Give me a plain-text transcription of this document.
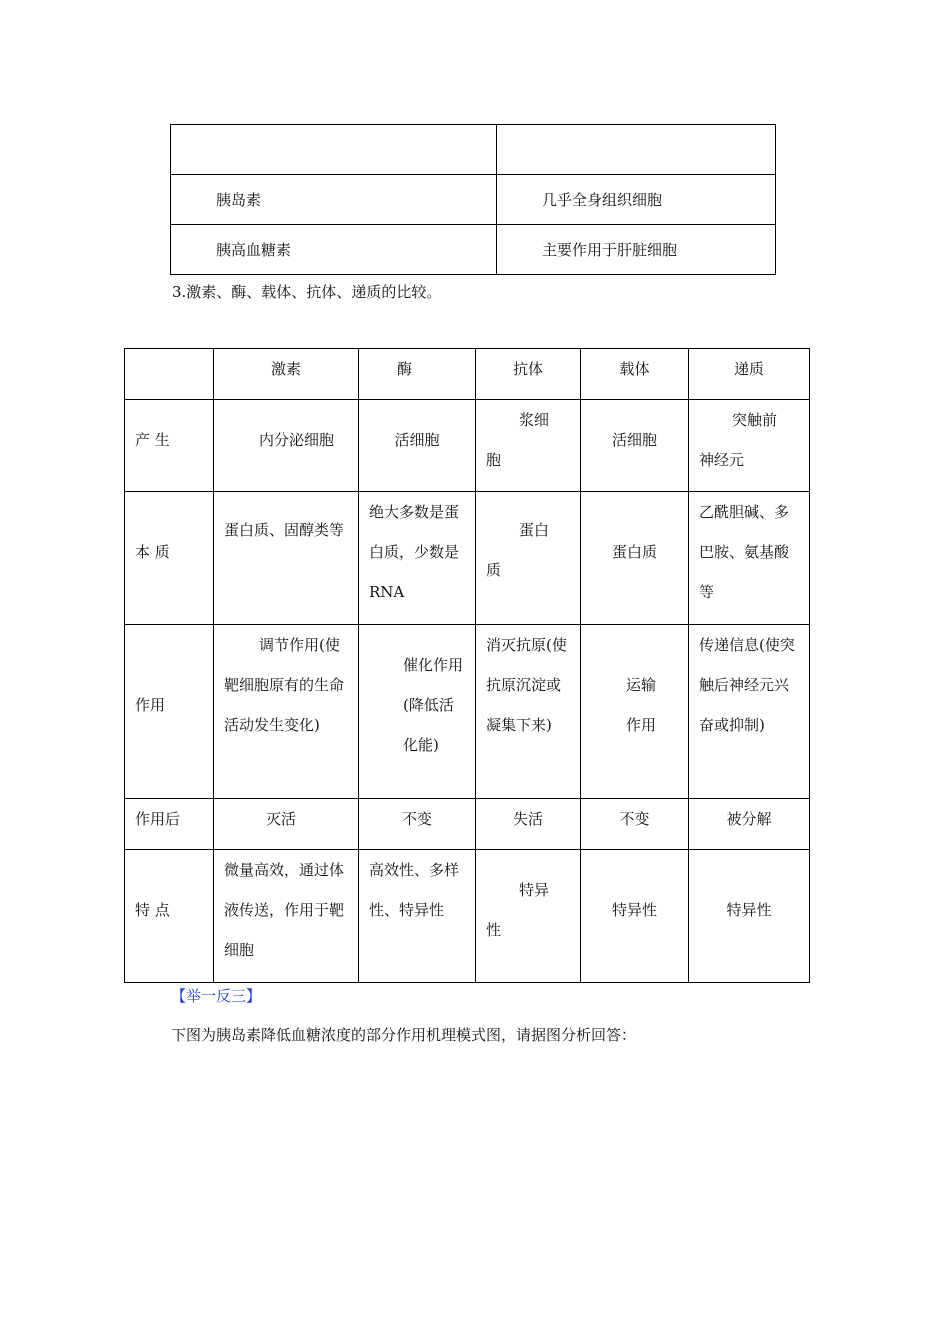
胰岛素	几乎全身组织细胞

胰高血糖素	主要作用于肝脏细胞
3.激素、酶、载体、抗体、递质的比较。

	激素	酶	抗体	载体	递质

产 生	内分泌细胞	活细胞	浆细胞	活细胞	突触前神经元

本 质	蛋白质、固醇类等	绝大多数是蛋白质，少数是RNA	蛋白质	蛋白质	乙酰胆碱、多巴胺、氨基酸等

作用	调节作用(使靶细胞原有的生命活动发生变化)	催化作用(降低活化能)	消灭抗原(使抗原沉淀或凝集下来)	运输作用	传递信息(使突触后神经元兴奋或抑制)

作用后	灭活	不变	失活	不变	被分解

特 点	微量高效，通过体液传送，作用于靶细胞	高效性、多样性、特异性	特异性	特异性	特异性
【举一反三】
下图为胰岛素降低血糖浓度的部分作用机理模式图，请据图分析回答：
